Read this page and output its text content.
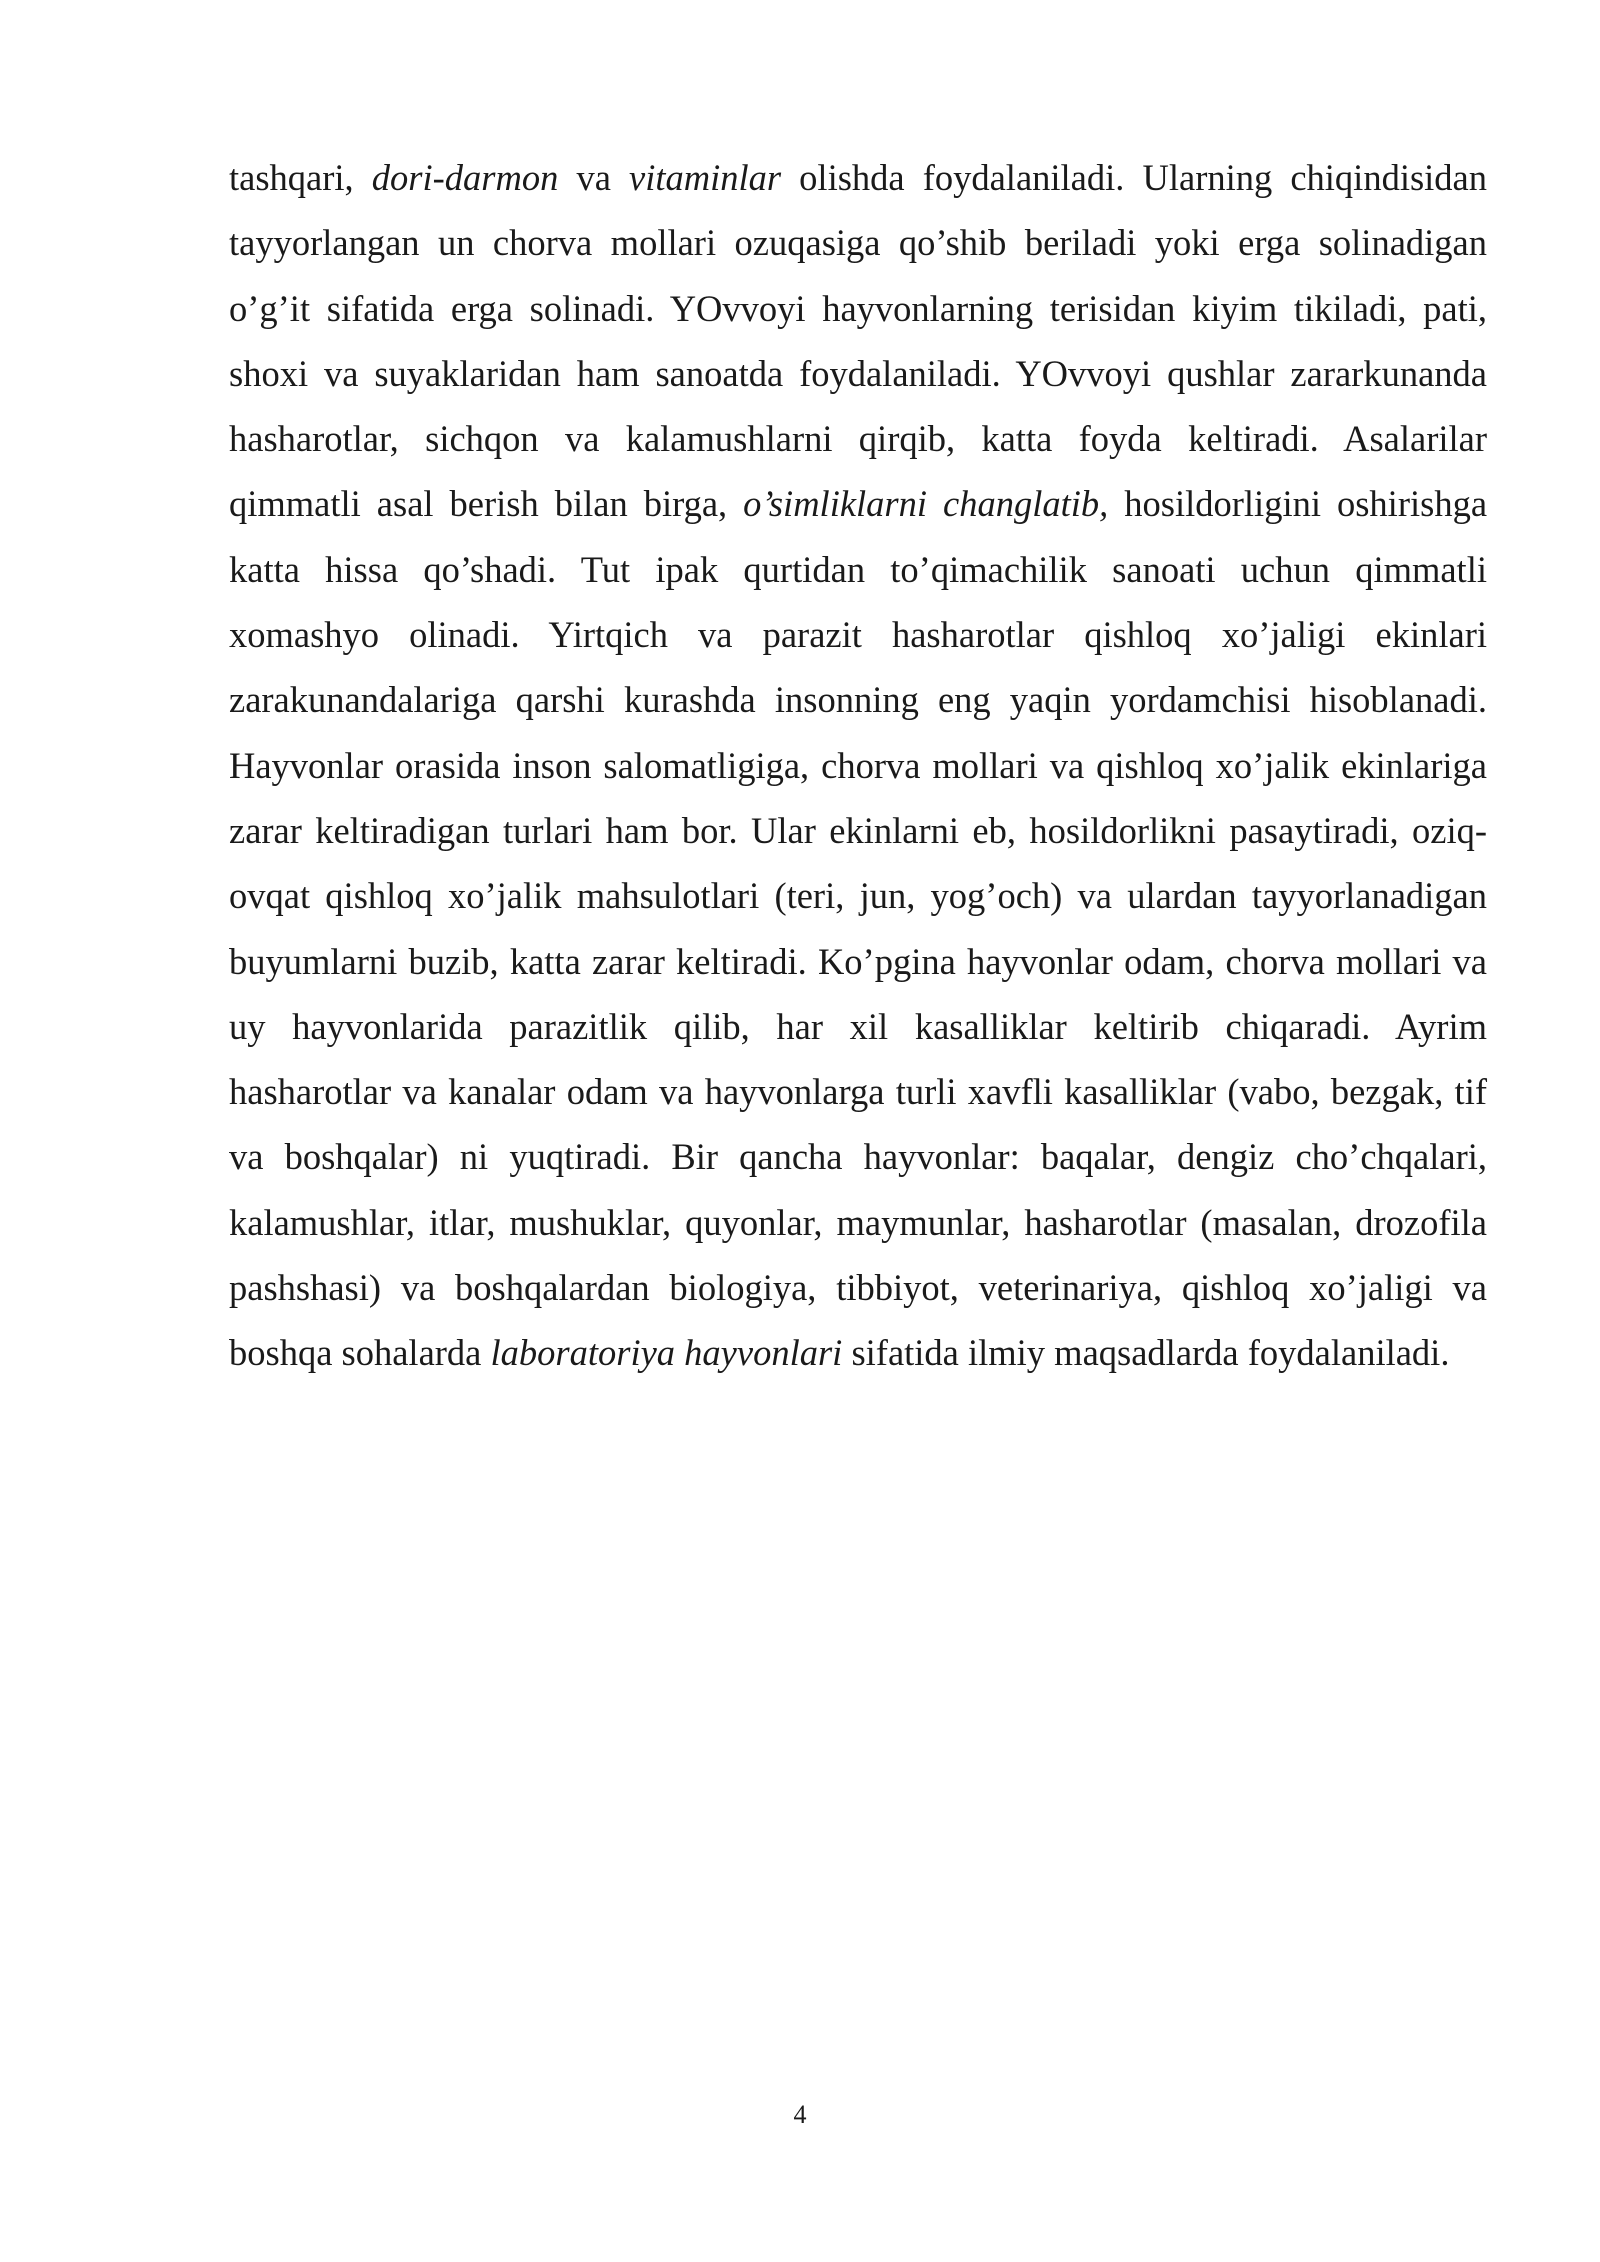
tashqari, dori-darmon va vitaminlar olishda foydalaniladi. Ularning chiqindisidan tayyorlangan un chorva mollari ozuqasiga qo’shib beriladi yoki erga solinadigan o’g’it sifatida erga solinadi. YOvvoyi hayvonlarning terisidan kiyim tikiladi, pati, shoxi va suyaklaridan ham sanoatda foydalaniladi. YOvvoyi qushlar zararkunanda hasharotlar, sichqon va kalamushlarni qirqib, katta foyda keltiradi. Asalarilar qimmatli asal berish bilan birga, o’simliklarni changlatib, hosildorligini oshirishga katta hissa qo’shadi. Tut ipak qurtidan to’qimachilik sanoati uchun qimmatli xomashyo olinadi. Yirtqich va parazit hasharotlar qishloq xo’jaligi ekinlari zarakunandalariga qarshi kurashda insonning eng yaqin yordamchisi hisoblanadi. Hayvonlar orasida inson salomatligiga, chorva mollari va qishloq xo’jalik ekinlariga zarar keltiradigan turlari ham bor. Ular ekinlarni eb, hosildorlikni pasaytiradi, oziq-ovqat qishloq xo’jalik mahsulotlari (teri, jun, yog’och) va ulardan tayyorlanadigan buyumlarni buzib, katta zarar keltiradi. Ko’pgina hayvonlar odam, chorva mollari va uy hayvonlarida parazitlik qilib, har xil kasalliklar keltirib chiqaradi. Ayrim hasharotlar va kanalar odam va hayvonlarga turli xavfli kasalliklar (vabo, bezgak, tif va boshqalar) ni yuqtiradi. Bir qancha hayvonlar: baqalar, dengiz cho’chqalari, kalamushlar, itlar, mushuklar, quyonlar, maymunlar, hasharotlar (masalan, drozofila pashshasi) va boshqalardan biologiya, tibbiyot, veterinariya, qishloq xo’jaligi va boshqa sohalarda laboratoriya hayvonlari sifatida ilmiy maqsadlarda foydalaniladi.

4
